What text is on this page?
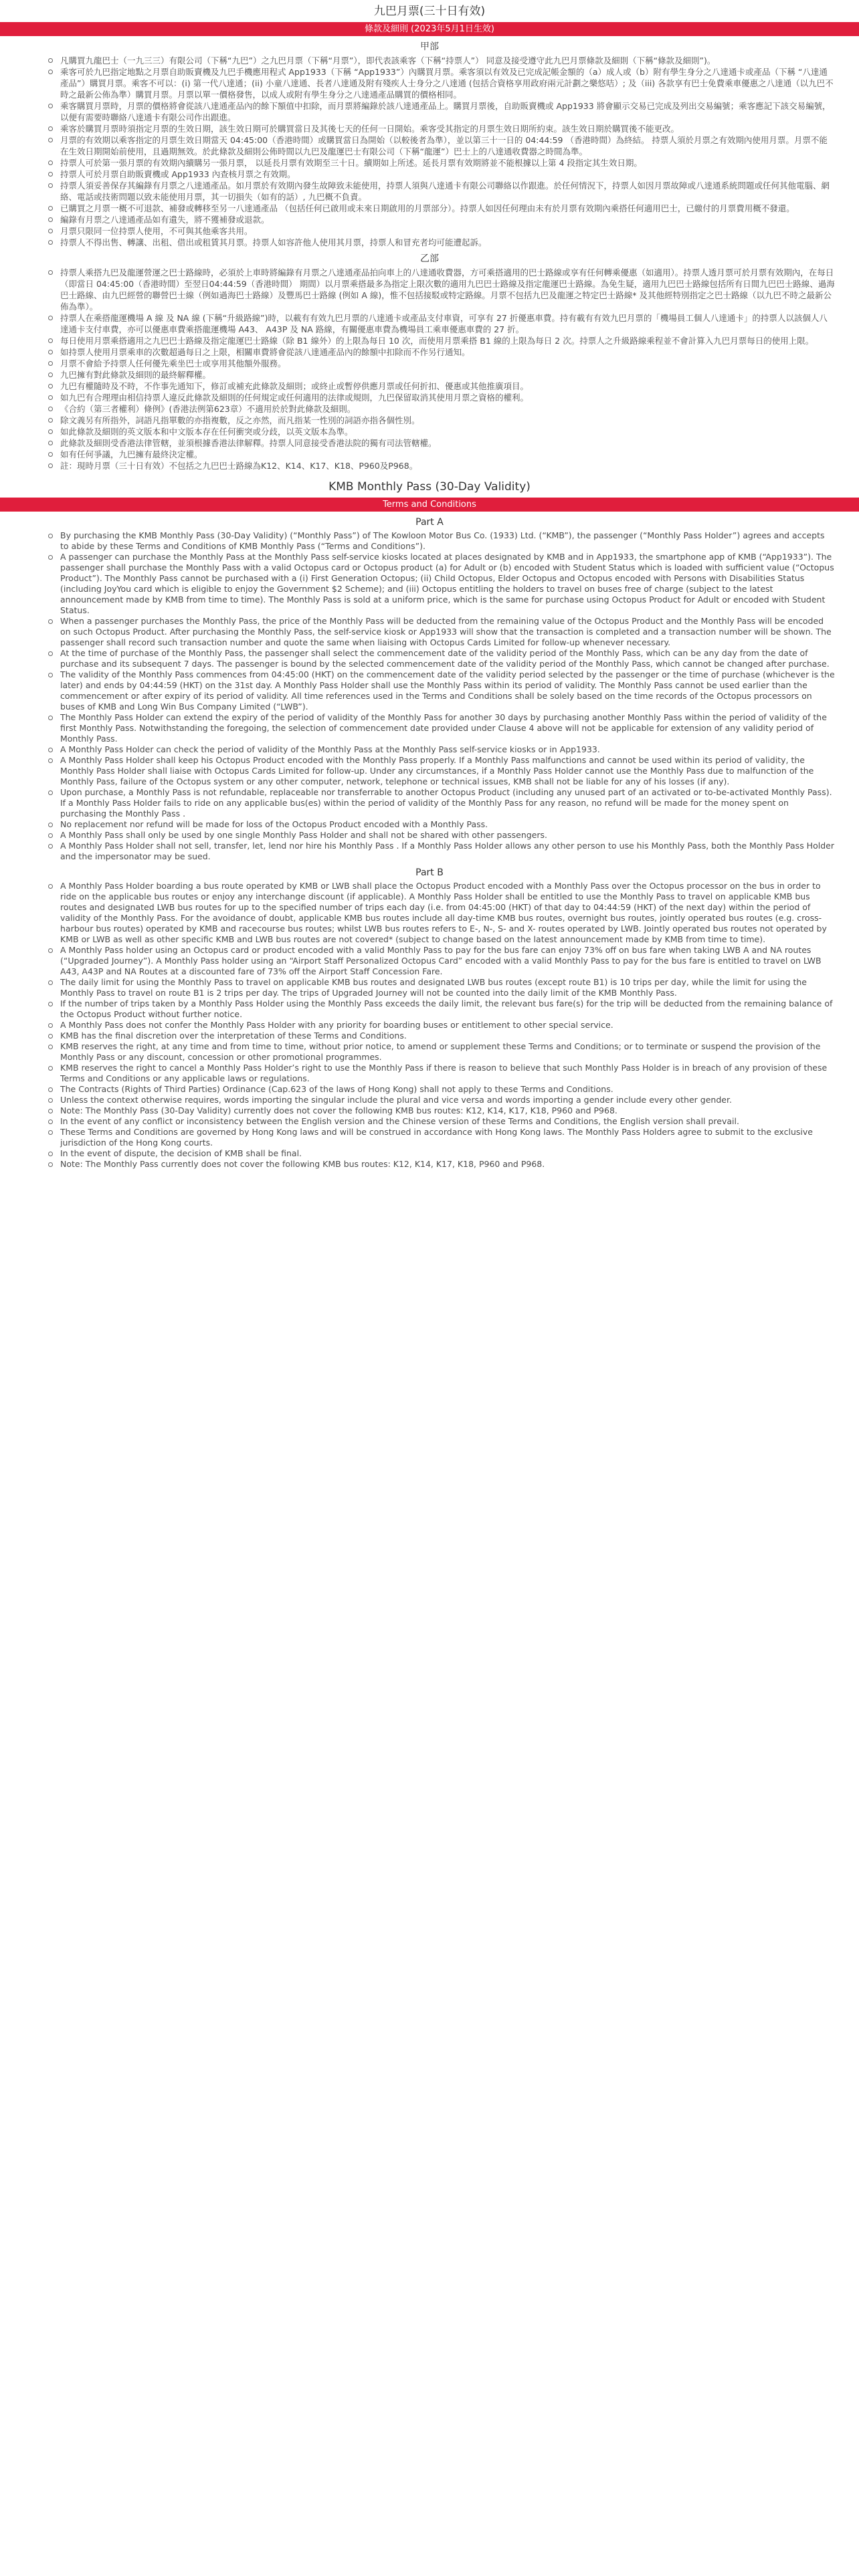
九巴月票(三十日有效)
條款及細則 (2023年5月1日生效)
甲部
凡購買九龍巴士（一九三三）有限公司（下稱“九巴”）之九巴月票（下稱“月票”），即代表該乘客（下稱“持票人”） 同意及接受遵守此九巴月票條款及細則（下稱“條款及細則”)。
乘客可於九巴指定地點之月票自助販賣機及九巴手機應用程式 App1933（下稱 “App1933”）內購買月票。乘客須以有效及已完成記帳金額的（a）成人或（b）附有學生身分之八達通卡或產品（下稱 “八達通產品”）購買月票。乘客不可以：(i) 第一代八達通；(ii) 小童八達通、長者八達通及附有殘疾人士身分之八達通 (包括合資格享用政府兩元計劃之樂悠咭）; 及（iii) 各款享有巴士免費乘車優惠之八達通（以九巴不時之最新公佈為準）購買月票。月票以單一價格發售，以成人或附有學生身分之八達通產品購買的價格相同。
乘客購買月票時，月票的價格將會從該八達通產品內的餘下額值中扣除，而月票將編錄於該八達通產品上。購買月票後，自助販賣機或 App1933 將會顯示交易已完成及列出交易編號；乘客應記下該交易編號，以便有需要時聯絡八達通卡有限公司作出跟進。
乘客於購買月票時須指定月票的生效日期，該生效日期可於購買當日及其後七天的任何一日開始。乘客受其指定的月票生效日期所約束。該生效日期於購買後不能更改。
月票的有效期以乘客指定的月票生效日期當天 04:45:00（香港時間）或購買當日為開始（以較後者為準），並以第三十一日的 04:44:59 （香港時間）為終結。 持票人須於月票之有效期內使用月票。月票不能在生效日期開始前使用，且過期無效。於此條款及細則公佈時間以九巴及龍運巴士有限公司（下稱“龍運”）巴士上的八達通收費器之時間為準。
持票人可於第一張月票的有效期內續購另一張月票， 以延長月票有效期至三十日。續期如上所述。延長月票有效期將並不能根據以上第 4 段指定其生效日期。
持票人可於月票自助販賣機或 App1933 內查核月票之有效期。
持票人須妥善保存其編錄有月票之八達通產品。如月票於有效期內發生故障致未能使用，持票人須與八達通卡有限公司聯絡以作跟進。於任何情況下，持票人如因月票故障或八達通系統問題或任何其他電腦、網絡、電話或技術問題以致未能使用月票，其一切損失（如有的話）, 九巴概不負責。
已購買之月票一概不可退款、補發或轉移至另一八達通產品 （包括任何已啟用或未來日期啟用的月票部分）。持票人如因任何理由未有於月票有效期內乘搭任何適用巴士，已繳付的月票費用概不發還。
編錄有月票之八達通產品如有遺失，將不獲補發或退款。
月票只限同一位持票人使用，不可與其他乘客共用。
持票人不得出售、轉讓、出租、借出或租賃其月票。持票人如容許他人使用其月票，持票人和冒充者均可能遭起訴。
乙部
持票人乘搭九巴及龍運營運之巴士路線時，必須於上車時將編錄有月票之八達通產品拍向車上的八達通收費器，方可乘搭適用的巴士路線或享有任何轉乘優惠（如適用）。持票人透月票可於月票有效期內，在每日（即當日 04:45:00（香港時間）至翌日04:44:59（香港時間） 期間）以月票乘搭最多為指定上限次數的適用九巴巴士路線及指定龍運巴士路線。為免生疑，適用九巴巴士路線包括所有日間九巴巴士路線、過海巴士路線、由九巴經營的聯營巴士線（例如過海巴士路線）及豐馬巴士路線 (例如 A 線)，惟不包括接駁或特定路線。月票不包括九巴及龍運之特定巴士路線* 及其他經特別指定之巴士路線（以九巴不時之最新公佈為準）。
持票人在乘搭龍運機場 A 線 及 NA 線 (下稱“升級路線”)時，以載有有效九巴月票的八達通卡或產品支付車資，可享有 27 折優惠車費。持有載有有效九巴月票的「機場員工個人八達通卡」的持票人以該個人八達通卡支付車費，亦可以優惠車費乘搭龍運機場 A43、 A43P 及 NA 路線，有關優惠車費為機場員工乘車優惠車費的 27 折。
每日使用月票乘搭適用之九巴巴士路線及指定龍運巴士路線（除 B1 線外）的上限為每日 10 次，而使用月票乘搭 B1 線的上限為每日 2 次。持票人之升級路線乘程並不會計算入九巴月票每日的使用上限。
如持票人使用月票乘車的次數超過每日之上限，相關車費將會從該八達通產品內的餘額中扣除而不作另行通知。
月票不會給予持票人任何優先乘坐巴士或享用其他額外服務。
九巴擁有對此條款及細則的最終解釋權。
九巴有權隨時及不時，不作事先通知下，修訂或補充此條款及細則；或終止或暫停供應月票或任何折扣、優惠或其他推廣項目。
如九巴有合理理由相信持票人違反此條款及細則的任何規定或任何適用的法律或規則，九巴保留取消其使用月票之資格的權利。
《合約（第三者權利）條例》(香港法例第623章）不適用於於對此條款及細則。
除文義另有所指外，詞語凡指單數的亦指複數，反之亦然，而凡指某一性別的詞語亦指各個性別。
如此條款及細則的英文版本和中文版本存在任何衝突或分歧，以英文版本為準。
此條款及細則受香港法律管轄，並須根據香港法律解釋。持票人同意接受香港法院的獨有司法管轄權。
如有任何爭議，九巴擁有最終決定權。
註：現時月票（三十日有效）不包括之九巴巴士路線為K12、K14、K17、K18、P960及P968。
KMB Monthly Pass (30-Day Validity)
Terms and Conditions
Part A
By purchasing the KMB Monthly Pass (30-Day Validity) (“Monthly Pass”) of The Kowloon Motor Bus Co. (1933) Ltd. (“KMB”), the passenger (“Monthly Pass Holder”) agrees and accepts to abide by these Terms and Conditions of KMB Monthly Pass (“Terms and Conditions”).
A passenger can purchase the Monthly Pass at the Monthly Pass self-service kiosks located at places designated by KMB and in App1933, the smartphone app of KMB (“App1933”). The passenger shall purchase the Monthly Pass with a valid Octopus card or Octopus product (a) for Adult or (b) encoded with Student Status which is loaded with sufficient value (“Octopus Product”). The Monthly Pass cannot be purchased with a (i) First Generation Octopus; (ii) Child Octopus, Elder Octopus and Octopus encoded with Persons with Disabilities Status (including JoyYou card which is eligible to enjoy the Government $2 Scheme); and (iii) Octopus entitling the holders to travel on buses free of charge (subject to the latest announcement made by KMB from time to time). The Monthly Pass is sold at a uniform price, which is the same for purchase using Octopus Product for Adult or encoded with Student Status.
When a passenger purchases the Monthly Pass, the price of the Monthly Pass will be deducted from the remaining value of the Octopus Product and the Monthly Pass will be encoded on such Octopus Product. After purchasing the Monthly Pass, the self-service kiosk or App1933 will show that the transaction is completed and a transaction number will be shown. The passenger shall record such transaction number and quote the same when liaising with Octopus Cards Limited for follow-up whenever necessary.
At the time of purchase of the Monthly Pass, the passenger shall select the commencement date of the validity period of the Monthly Pass, which can be any day from the date of purchase and its subsequent 7 days. The passenger is bound by the selected commencement date of the validity period of the Monthly Pass, which cannot be changed after purchase.
The validity of the Monthly Pass commences from 04:45:00 (HKT) on the commencement date of the validity period selected by the passenger or the time of purchase (whichever is the later) and ends by 04:44:59 (HKT) on the 31st day. A Monthly Pass Holder shall use the Monthly Pass within its period of validity. The Monthly Pass cannot be used earlier than the commencement or after expiry of its period of validity. All time references used in the Terms and Conditions shall be solely based on the time records of the Octopus processors on buses of KMB and Long Win Bus Company Limited (“LWB”).
The Monthly Pass Holder can extend the expiry of the period of validity of the Monthly Pass for another 30 days by purchasing another Monthly Pass within the period of validity of the first Monthly Pass. Notwithstanding the foregoing, the selection of commencement date provided under Clause 4 above will not be applicable for extension of any validity period of Monthly Pass.
A Monthly Pass Holder can check the period of validity of the Monthly Pass at the Monthly Pass self-service kiosks or in App1933.
A Monthly Pass Holder shall keep his Octopus Product encoded with the Monthly Pass properly. If a Monthly Pass malfunctions and cannot be used within its period of validity, the Monthly Pass Holder shall liaise with Octopus Cards Limited for follow-up. Under any circumstances, if a Monthly Pass Holder cannot use the Monthly Pass due to malfunction of the Monthly Pass, failure of the Octopus system or any other computer, network, telephone or technical issues, KMB shall not be liable for any of his losses (if any).
Upon purchase, a Monthly Pass is not refundable, replaceable nor transferrable to another Octopus Product (including any unused part of an activated or to-be-activated Monthly Pass). If a Monthly Pass Holder fails to ride on any applicable bus(es) within the period of validity of the Monthly Pass for any reason, no refund will be made for the money spent on purchasing the Monthly Pass .
No replacement nor refund will be made for loss of the Octopus Product encoded with a Monthly Pass.
A Monthly Pass shall only be used by one single Monthly Pass Holder and shall not be shared with other passengers.
A Monthly Pass Holder shall not sell, transfer, let, lend nor hire his Monthly Pass . If a Monthly Pass Holder allows any other person to use his Monthly Pass, both the Monthly Pass Holder and the impersonator may be sued.
Part B
A Monthly Pass Holder boarding a bus route operated by KMB or LWB shall place the Octopus Product encoded with a Monthly Pass over the Octopus processor on the bus in order to ride on the applicable bus routes or enjoy any interchange discount (if applicable). A Monthly Pass Holder shall be entitled to use the Monthly Pass to travel on applicable KMB bus routes and designated LWB bus routes for up to the specified number of trips each day (i.e. from 04:45:00 (HKT) of that day to 04:44:59 (HKT) of the next day) within the period of validity of the Monthly Pass. For the avoidance of doubt, applicable KMB bus routes include all day-time KMB bus routes, overnight bus routes, jointly operated bus routes (e.g. cross-harbour bus routes) operated by KMB and racecourse bus routes; whilst LWB bus routes refers to E-, N-, S- and X- routes operated by LWB. Jointly operated bus routes not operated by KMB or LWB as well as other specific KMB and LWB bus routes are not covered* (subject to change based on the latest announcement made by KMB from time to time).
A Monthly Pass holder using an Octopus card or product encoded with a valid Monthly Pass to pay for the bus fare can enjoy 73% off on bus fare when taking LWB A and NA routes (“Upgraded Journey”). A Monthly Pass holder using an “Airport Staff Personalized Octopus Card” encoded with a valid Monthly Pass to pay for the bus fare is entitled to travel on LWB A43, A43P and NA Routes at a discounted fare of 73% off the Airport Staff Concession Fare.
The daily limit for using the Monthly Pass to travel on applicable KMB bus routes and designated LWB bus routes (except route B1) is 10 trips per day, while the limit for using the Monthly Pass to travel on route B1 is 2 trips per day. The trips of Upgraded Journey will not be counted into the daily limit of the KMB Monthly Pass.
If the number of trips taken by a Monthly Pass Holder using the Monthly Pass exceeds the daily limit, the relevant bus fare(s) for the trip will be deducted from the remaining balance of the Octopus Product without further notice.
A Monthly Pass does not confer the Monthly Pass Holder with any priority for boarding buses or entitlement to other special service.
KMB has the final discretion over the interpretation of these Terms and Conditions.
KMB reserves the right, at any time and from time to time, without prior notice, to amend or supplement these Terms and Conditions; or to terminate or suspend the provision of the Monthly Pass or any discount, concession or other promotional programmes.
KMB reserves the right to cancel a Monthly Pass Holder’s right to use the Monthly Pass if there is reason to believe that such Monthly Pass Holder is in breach of any provision of these Terms and Conditions or any applicable laws or regulations.
The Contracts (Rights of Third Parties) Ordinance (Cap.623 of the laws of Hong Kong) shall not apply to these Terms and Conditions.
Unless the context otherwise requires, words importing the singular include the plural and vice versa and words importing a gender include every other gender.
Note: The Monthly Pass (30-Day Validity) currently does not cover the following KMB bus routes: K12, K14, K17, K18, P960 and P968.
In the event of any conflict or inconsistency between the English version and the Chinese version of these Terms and Conditions, the English version shall prevail.
These Terms and Conditions are governed by Hong Kong laws and will be construed in accordance with Hong Kong laws. The Monthly Pass Holders agree to submit to the exclusive jurisdiction of the Hong Kong courts.
In the event of dispute, the decision of KMB shall be final.
Note: The Monthly Pass currently does not cover the following KMB bus routes: K12, K14, K17, K18, P960 and P968.
